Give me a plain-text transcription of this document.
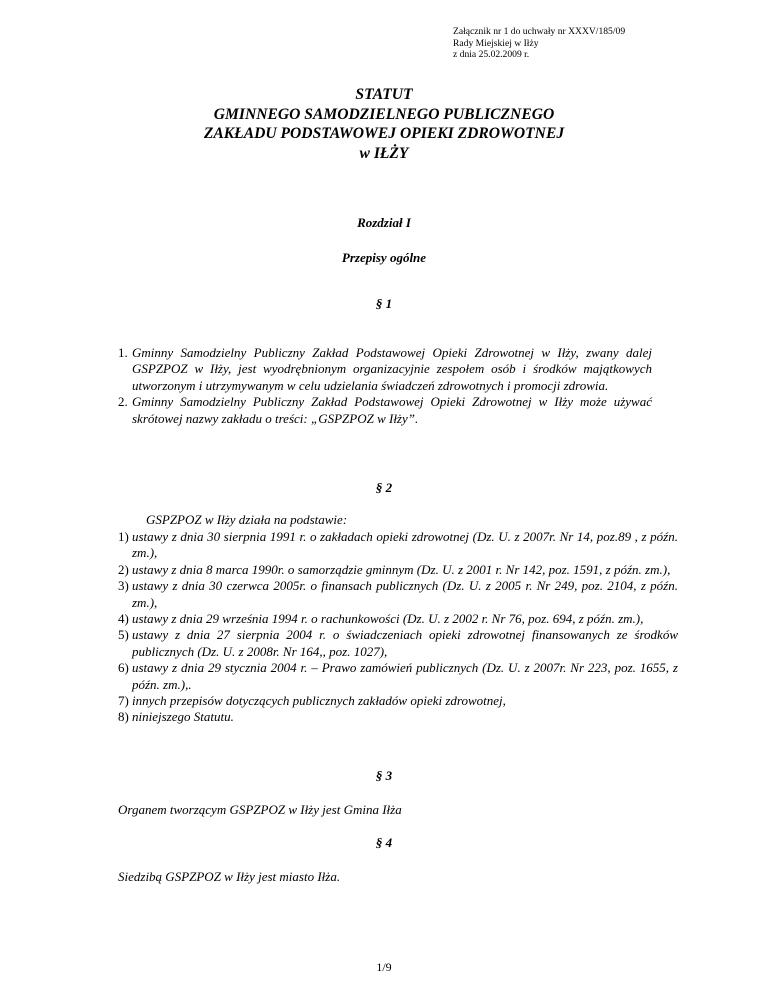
Załącznik nr 1 do uchwały nr XXXV/185/09
Rady Miejskiej w Iłży
z dnia 25.02.2009 r.
STATUT
GMINNEGO SAMODZIELNEGO PUBLICZNEGO
ZAKŁADU PODSTAWOWEJ OPIEKI ZDROWOTNEJ
w IŁŻY
Rozdział I
Przepisy ogólne
§ 1
1. Gminny Samodzielny Publiczny Zakład Podstawowej Opieki Zdrowotnej w Iłży, zwany dalej GSPZPOZ w Iłży, jest wyodrębnionym organizacyjnie zespołem osób i środków majątkowych utworzonym i utrzymywanym w celu udzielania świadczeń zdrowotnych i promocji zdrowia.
2. Gminny Samodzielny Publiczny Zakład Podstawowej Opieki Zdrowotnej w Iłży może używać skrótowej nazwy zakładu o treści: „GSPZPOZ w Iłży”.
§ 2
GSPZPOZ w Iłży działa na podstawie:
1) ustawy z dnia 30 sierpnia 1991 r. o zakładach opieki zdrowotnej (Dz. U. z 2007r. Nr 14, poz.89 , z późn. zm.),
2) ustawy z dnia 8 marca 1990r. o samorządzie gminnym (Dz. U. z 2001 r. Nr 142, poz. 1591, z późn. zm.),
3) ustawy z dnia 30 czerwca 2005r. o finansach publicznych (Dz. U. z 2005 r. Nr 249, poz. 2104, z późn. zm.),
4) ustawy z dnia 29 września 1994 r. o rachunkowości (Dz. U. z 2002 r. Nr 76, poz. 694, z późn. zm.),
5) ustawy z dnia 27 sierpnia 2004 r. o świadczeniach opieki zdrowotnej finansowanych ze środków publicznych (Dz. U. z 2008r. Nr 164,, poz. 1027),
6) ustawy z dnia 29 stycznia 2004 r. – Prawo zamówień publicznych (Dz. U. z 2007r. Nr 223, poz. 1655, z późn. zm.),.
7) innych przepisów dotyczących publicznych zakładów opieki zdrowotnej,
8) niniejszego Statutu.
§ 3
Organem tworzącym GSPZPOZ w Iłży jest Gmina Iłża
§ 4
Siedzibą GSPZPOZ w Iłży jest miasto Iłża.
1/9
